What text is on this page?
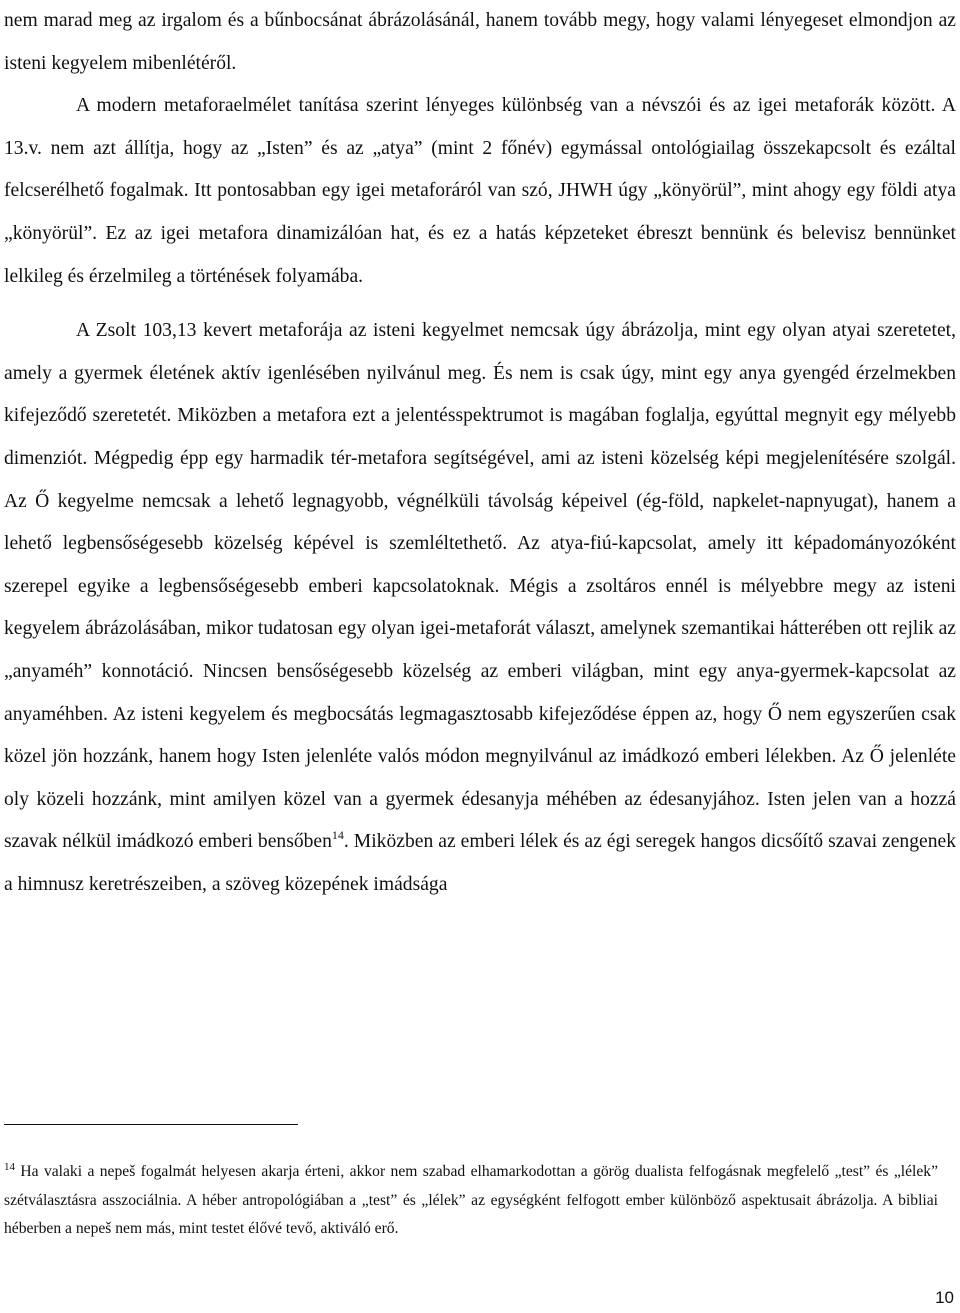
nem marad meg az irgalom és a bűnbocsánat ábrázolásánál, hanem tovább megy, hogy valami lényegeset elmondjon az isteni kegyelem mibenlétéről.

A modern metaforaelmélet tanítása szerint lényeges különbség van a névszói és az igei metaforák között. A 13.v. nem azt állítja, hogy az „Isten” és az „atya” (mint 2 főnév) egymással ontológiailag összekapcsolt és ezáltal felcserélhető fogalmak. Itt pontosabban egy igei metaforáról van szó, JHWH úgy „könyörül”, mint ahogy egy földi atya „könyörül”. Ez az igei metafora dinamizálóan hat, és ez a hatás képzeteket ébreszt bennünk és belevisz bennünket lelkileg és érzelmileg a történések folyamába.

A Zsolt 103,13 kevert metaforája az isteni kegyelmet nemcsak úgy ábrázolja, mint egy olyan atyai szeretetet, amely a gyermek életének aktív igenlésében nyilvánul meg. És nem is csak úgy, mint egy anya gyengéd érzelmekben kifejeződő szeretetét. Miközben a metafora ezt a jelentésspektrumot is magában foglalja, egyúttal megnyit egy mélyebb dimenziót. Mégpedig épp egy harmadik tér-metafora segítségével, ami az isteni közelség képi megjelenítésére szolgál. Az Ő kegyelme nemcsak a lehető legnagyobb, végnélküli távolság képeivel (ég-föld, napkelet-napnyugat), hanem a lehető legbensőségesebb közelség képével is szemléltethető. Az atya-fiú-kapcsolat, amely itt képadományozóként szerepel egyike a legbensőségesebb emberi kapcsolatoknak. Mégis a zsoltáros ennél is mélyebbre megy az isteni kegyelem ábrázolásában, mikor tudatosan egy olyan igei-metaforát választ, amelynek szemantikai hátterében ott rejlik az „anyaméh” konnotáció. Nincsen bensőségesebb közelség az emberi világban, mint egy anya-gyermek-kapcsolat az anyaméhben. Az isteni kegyelem és megbocsátás legmagasztosabb kifejeződése éppen az, hogy Ő nem egyszerűen csak közel jön hozzánk, hanem hogy Isten jelenléte valós módon megnyilvánul az imádkozó emberi lélekben. Az Ő jelenléte oly közeli hozzánk, mint amilyen közel van a gyermek édesanyja méhében az édesanyjához. Isten jelen van a hozzá szavak nélkül imádkozó emberi bensőben$^{14}$. Miközben az emberi lélek és az égi seregek hangos dicsőítő szavai zengenek a himnusz keretrészeiben, a szöveg közepének imádsága

$^{14}$ Ha valaki a nepeš fogalmát helyesen akarja érteni, akkor nem szabad elhamarkodottan a görög dualista felfogásnak megfelelő „test” és „lélek” szétválasztásra asszociálnia. A héber antropológiában a „test” és „lélek” az egységként felfogott ember különböző aspektusait ábrázolja. A bibliai héberben a nepeš nem más, mint testet élővé tevő, aktiváló erő.
10
